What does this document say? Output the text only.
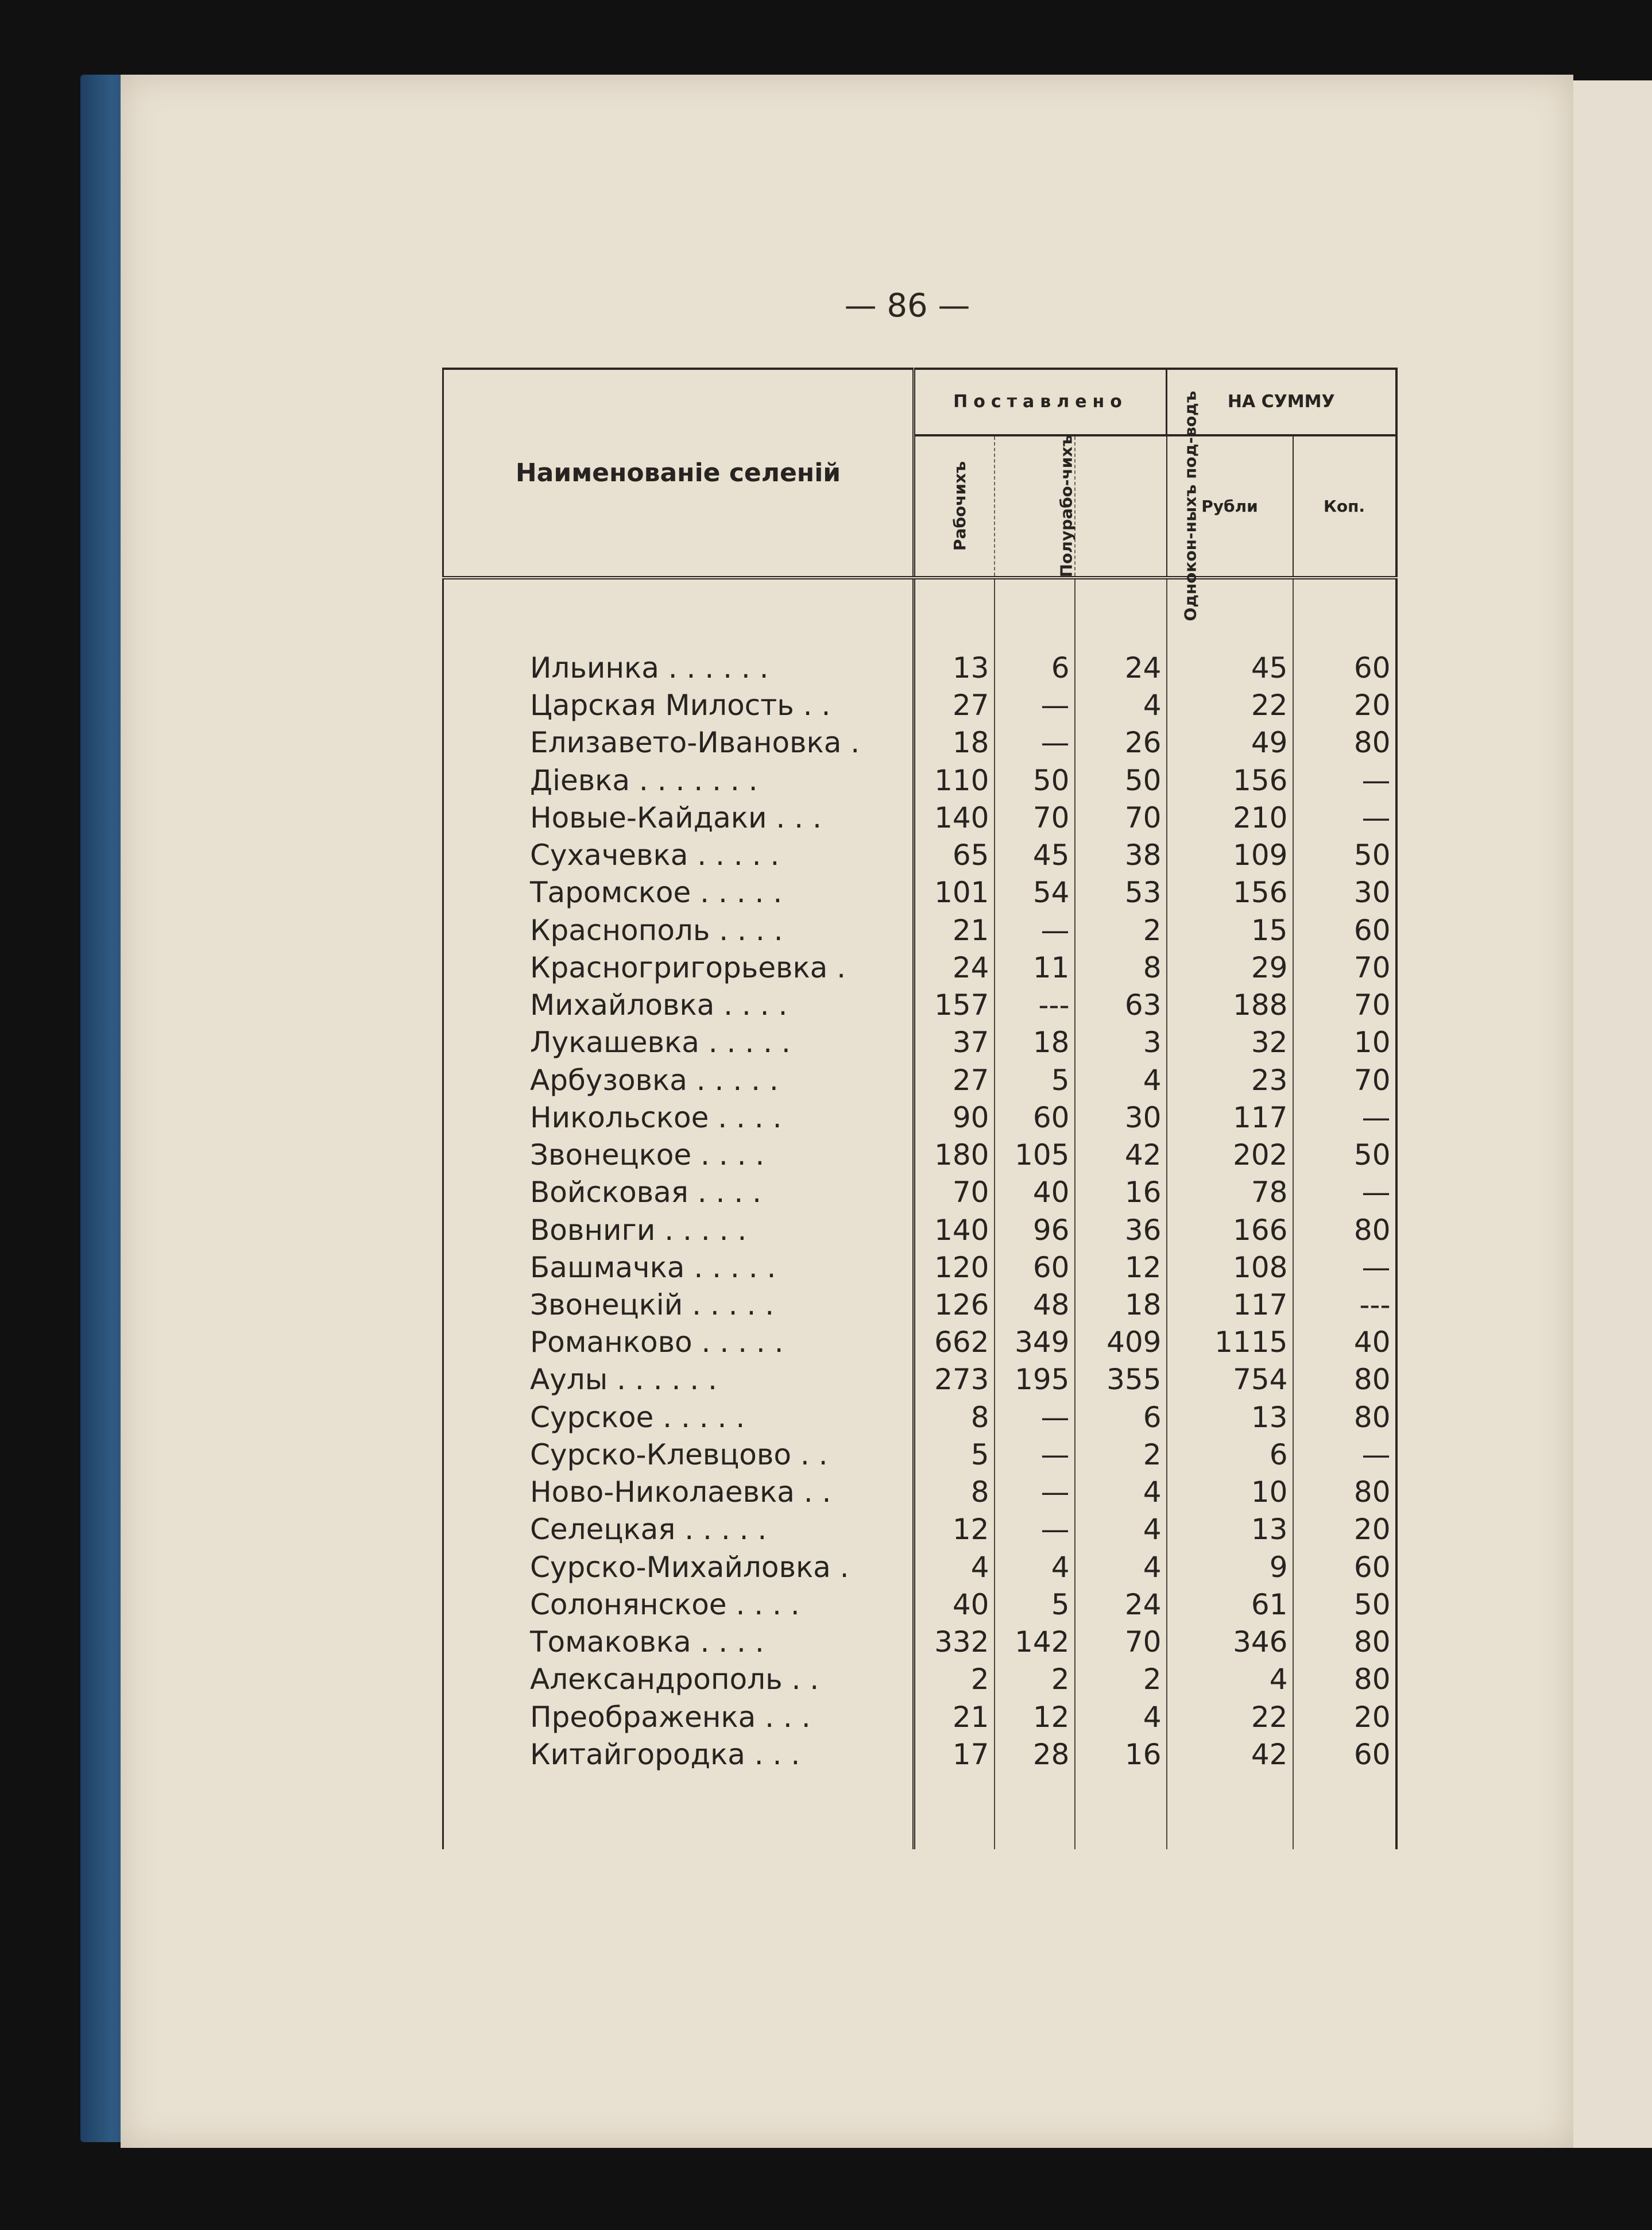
— 86 —
Наименованіе селеній	Поставлено			НА СУММУ	
	Рабочихъ	Полурабо-чихъ	Однокон-ныхъ под-водъ	Рубли	Коп.

Ильинка . . . . . .	13	6	24	45	60
Царская Милость . .	27	—	4	22	20
Елизавето-Ивановка .	18	—	26	49	80
Діевка . . . . . . .	110	50	50	156	—
Новые-Кайдаки . . .	140	70	70	210	—
Сухачевка . . . . .	65	45	38	109	50
Таромское . . . . .	101	54	53	156	30
Краснополь . . . .	21	—	2	15	60
Красногригорьевка .	24	11	8	29	70
Михайловка . . . .	157	---	63	188	70
Лукашевка . . . . .	37	18	3	32	10
Арбузовка . . . . .	27	5	4	23	70
Никольское . . . .	90	60	30	117	—
Звонецкое . . . .	180	105	42	202	50
Войсковая . . . .	70	40	16	78	—
Вовниги . . . . .	140	96	36	166	80
Башмачка . . . . .	120	60	12	108	—
Звонецкій . . . . .	126	48	18	117	---
Романково . . . . .	662	349	409	1115	40
Аулы . . . . . .	273	195	355	754	80
Сурское . . . . .	8	—	6	13	80
Сурско-Клевцово . .	5	—	2	6	—
Ново-Николаевка . .	8	—	4	10	80
Селецкая . . . . .	12	—	4	13	20
Сурско-Михайловка .	4	4	4	9	60
Солонянское . . . .	40	5	24	61	50
Томаковка . . . .	332	142	70	346	80
Александрополь . .	2	2	2	4	80
Преображенка . . .	21	12	4	22	20
Китайгородка . . .	17	28	16	42	60
